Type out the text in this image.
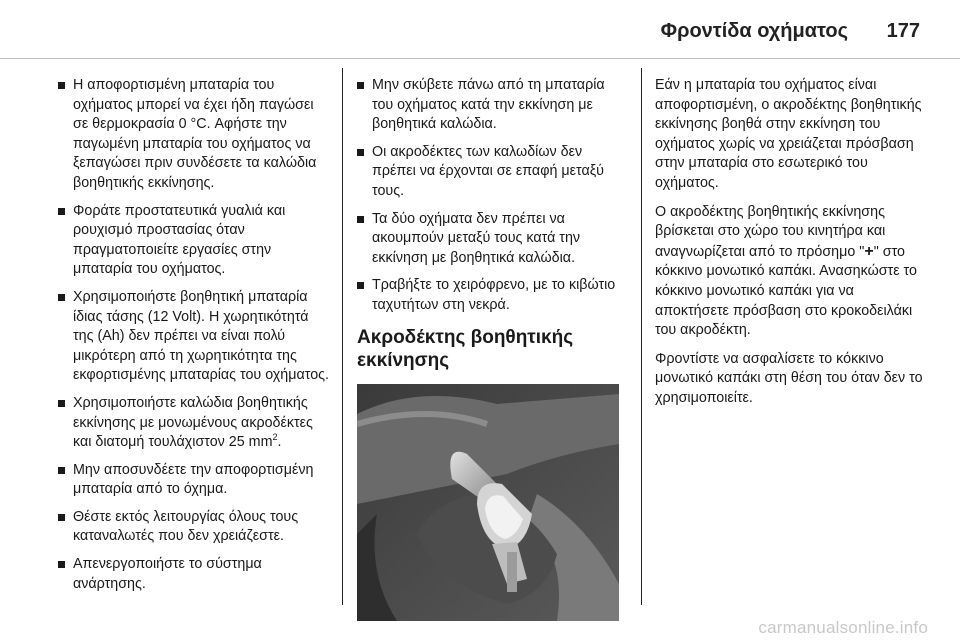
Φροντίδα οχήματος 177
Η αποφορτισμένη μπαταρία του οχήματος μπορεί να έχει ήδη παγώσει σε θερμοκρασία 0 °C. Αφήστε την παγωμένη μπαταρία του οχήματος να ξεπαγώσει πριν συνδέσετε τα καλώδια βοηθητικής εκκίνησης.
Φοράτε προστατευτικά γυαλιά και ρουχισμό προστασίας όταν πραγματοποιείτε εργασίες στην μπαταρία του οχήματος.
Χρησιμοποιήστε βοηθητική μπαταρία ίδιας τάσης (12 Volt). Η χωρητικότητά της (Ah) δεν πρέπει να είναι πολύ μικρότερη από τη χωρητικότητα της εκφορτισμένης μπαταρίας του οχήματος.
Χρησιμοποιήστε καλώδια βοηθητικής εκκίνησης με μονωμένους ακροδέκτες και διατομή τουλάχιστον 25 $mm^2$.
Μην αποσυνδέετε την αποφορτισμένη μπαταρία από το όχημα.
Θέστε εκτός λειτουργίας όλους τους καταναλωτές που δεν χρειάζεστε.
Απενεργοποιήστε το σύστημα ανάρτησης.
Μην σκύβετε πάνω από τη μπαταρία του οχήματος κατά την εκκίνηση με βοηθητικά καλώδια.
Οι ακροδέκτες των καλωδίων δεν πρέπει να έρχονται σε επαφή μεταξύ τους.
Τα δύο οχήματα δεν πρέπει να ακουμπούν μεταξύ τους κατά την εκκίνηση με βοηθητικά καλώδια.
Τραβήξτε το χειρόφρενο, με το κιβώτιο ταχυτήτων στη νεκρά.
Ακροδέκτης βοηθητικής εκκίνησης

Εάν η μπαταρία του οχήματος είναι αποφορτισμένη, ο ακροδέκτης βοηθητικής εκκίνησης βοηθά στην εκκίνηση του οχήματος χωρίς να χρειάζεται πρόσβαση στην μπαταρία στο εσωτερικό του οχήματος.

Ο ακροδέκτης βοηθητικής εκκίνησης βρίσκεται στο χώρο του κινητήρα και αναγνωρίζεται από το πρόσημο "+" στο κόκκινο μονωτικό καπάκι. Ανασηκώστε το κόκκινο μονωτικό καπάκι για να αποκτήσετε πρόσβαση στο κροκοδειλάκι του ακροδέκτη.

Φροντίστε να ασφαλίσετε το κόκκινο μονωτικό καπάκι στη θέση του όταν δεν το χρησιμοποιείτε.

carmanualsonline.info
